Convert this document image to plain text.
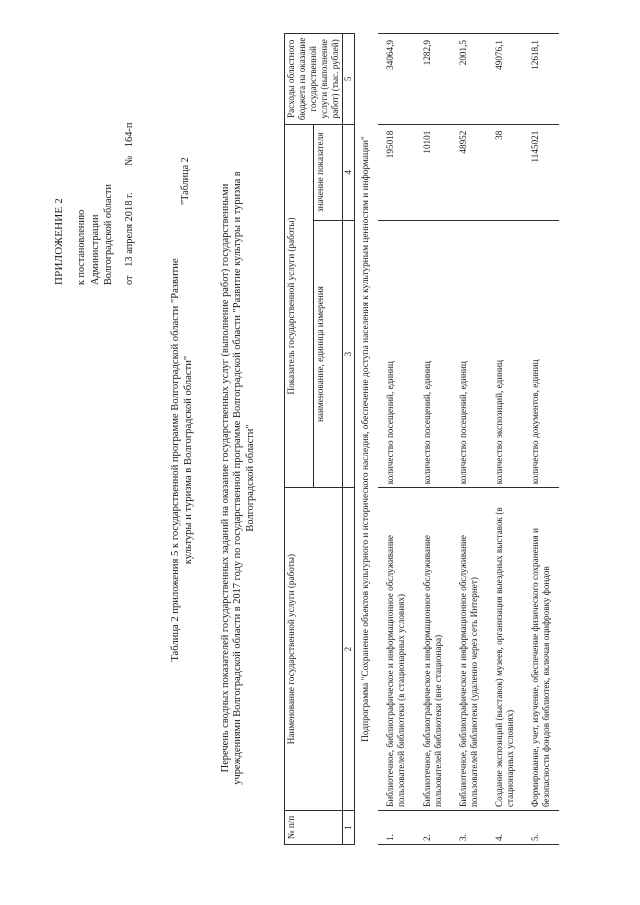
ПРИЛОЖЕНИЕ 2 к постановлению Администрации Волгоградской области от 13 апреля 2018 г. № 164-п
"Таблица 2
Таблица 2 приложения 5 к государственной программе Волгоградской области "Развитие культуры и туризма в Волгоградской области"	Перечень сводных показателей государственных заданий на оказание государственных услуг (выполнение работ) государственными учреждениями Волгоградской области в 2017 году по государственной программе Волгоградской области "Развитие культуры и туризма в Волгоградской области"
№ п/п	Наименование государственной услуги (работы)	Показатель государственной услуги (работы)		Расходы областного бюджета на оказание государственной услуги (выполнение работ) (тыс. рублей)
		наименование, единица измерения	значение показателя	
1	2	3	4	5
Подпрограмма "Сохранение объектов культурного и исторического наследия, обеспечение доступа населения к культурным ценностям и информации"				
1.	Библиотечное, библиографическое и информационное обслуживание пользователей библиотеки (в стационарных условиях)	количество посещений, единиц	195018	34064,9
2.	Библиотечное, библиографическое и информационное обслуживание пользователей библиотеки (вне стационара)	количество посещений, единиц	10101	1282,9
3.	Библиотечное, библиографическое и информационное обслуживание пользователей библиотеки (удаленно через сеть Интернет)	количество посещений, единиц	48952	2001,5
4.	Создание экспозиций (выставок) музеев, организация выездных выставок (в стационарных условиях)	количество экспозиций, единиц	38	49076,1
5.	Формирование, учет, изучение, обеспечение физического сохранения и безопасности фондов библиотек, включая оцифровку фондов	количество документов, единиц	1145021	12618,1
